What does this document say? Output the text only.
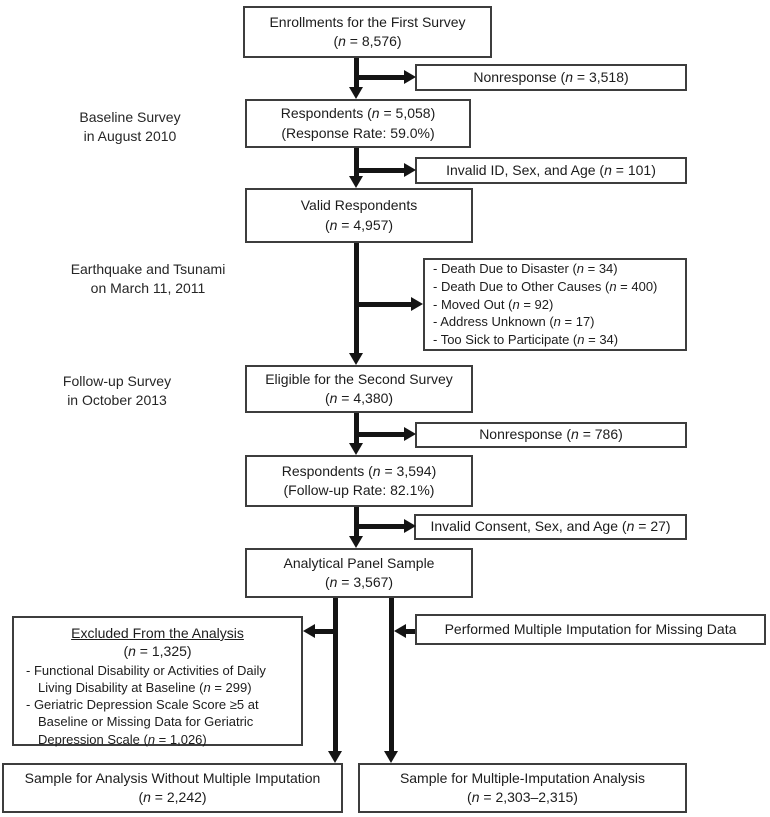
Baseline Survey
in August 2010
Earthquake and Tsunami
on March 11, 2011
Follow-up Survey
in October 2013
Enrollments for the First Survey
(n = 8,576)
Nonresponse (n = 3,518)
Respondents (n = 5,058)
(Response Rate: 59.0%)
Invalid ID, Sex, and Age (n = 101)
Valid Respondents
(n = 4,957)
- Death Due to Disaster (n = 34)
- Death Due to Other Causes (n = 400)
- Moved Out (n = 92)
- Address Unknown (n = 17)
- Too Sick to Participate (n = 34)
Eligible for the Second Survey
(n = 4,380)
Nonresponse (n = 786)
Respondents (n = 3,594)
(Follow-up Rate: 82.1%)
Invalid Consent, Sex, and Age (n = 27)
Analytical Panel Sample
(n = 3,567)
Excluded From the Analysis
(n = 1,325)
- Functional Disability or Activities of Daily Living Disability at Baseline (n = 299)
- Geriatric Depression Scale Score ≥5 at Baseline or Missing Data for Geriatric Depression Scale (n = 1,026)
Performed Multiple Imputation for Missing Data
Sample for Analysis Without Multiple Imputation
(n = 2,242)
Sample for Multiple-Imputation Analysis
(n = 2,303–2,315)
